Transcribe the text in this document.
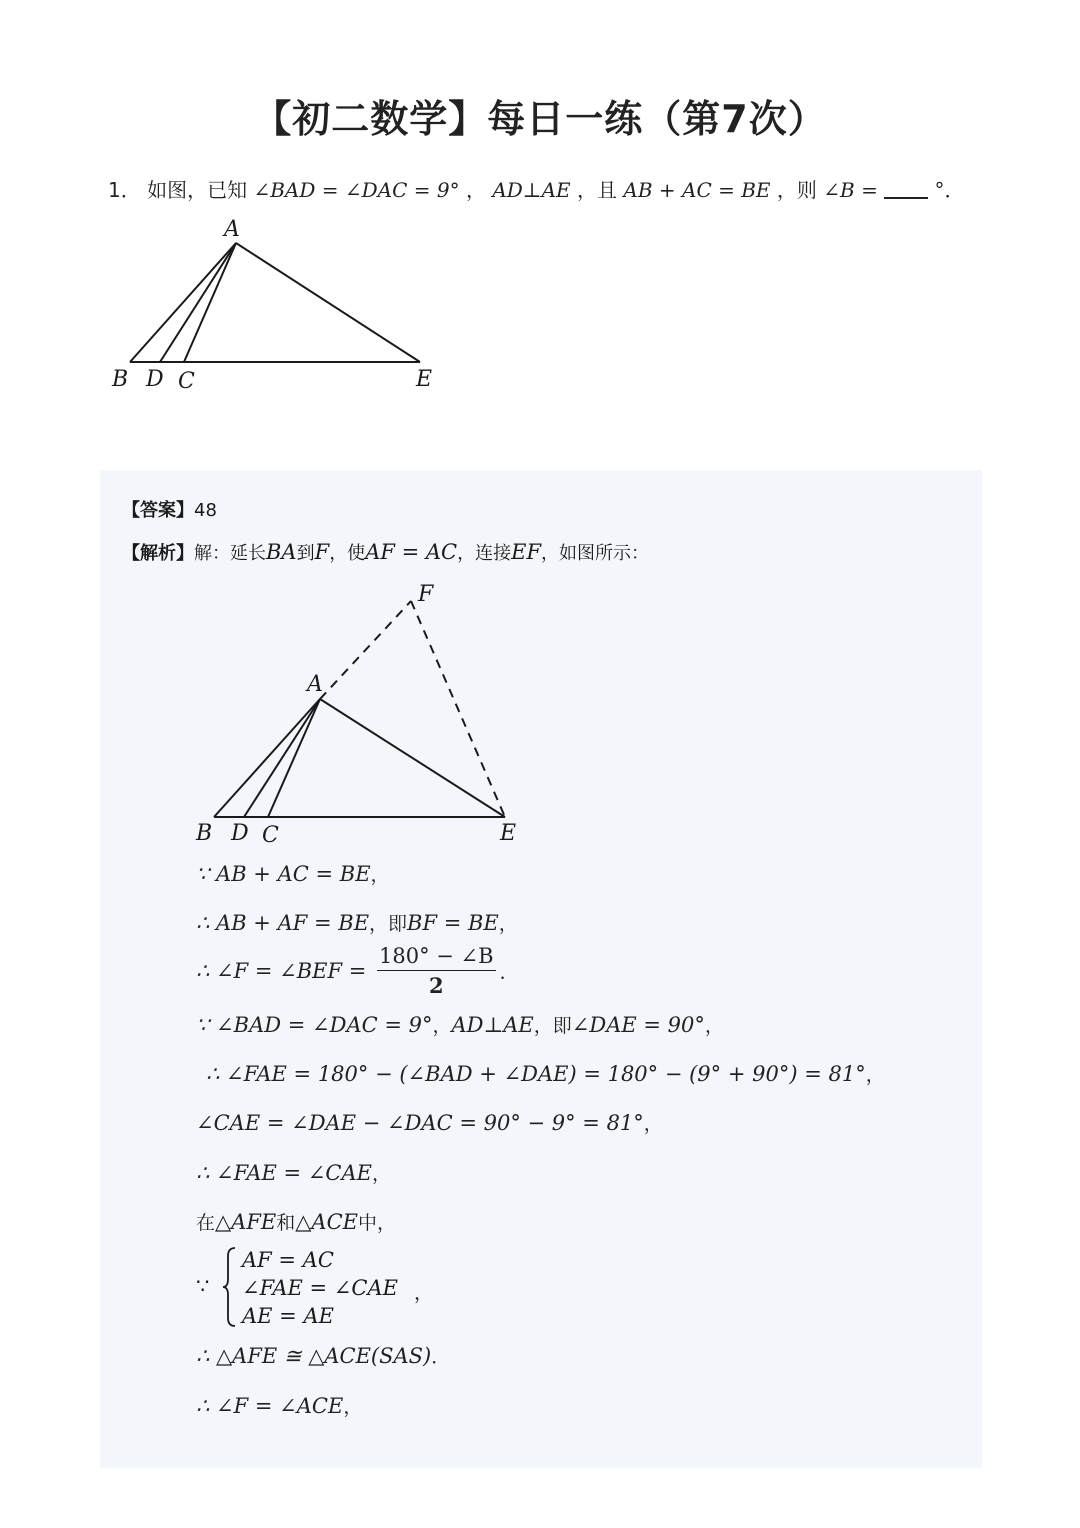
【初二数学】每日一练（第7次）
1． 如图，已知 ∠BAD = ∠DAC = 9° ， AD⊥AE ，且 AB + AC = BE ，则 ∠B =	°．
A
B D C	E
【答案】48
【解析】解：延长BA到F，使AF = AC，连接EF，如图所示：
F
A
B D C	E
∵ AB + AC = BE，
∴ AB + AF = BE，即BF = BE，
∴ ∠F = ∠BEF = $\frac{180^\circ - \angle B}{2}$ ．
∵ ∠BAD = ∠DAC = 9°，AD⊥AE，即∠DAE = 90°，
∴ ∠FAE = 180° − (∠BAD + ∠DAE) = 180° − (9° + 90°) = 81°，
∠CAE = ∠DAE − ∠DAC = 90° − 9° = 81°，
∴ ∠FAE = ∠CAE，
在△AFE和△ACE中，
∵
AF = AC
∠FAE = ∠CAE
AE = AE
，
∴ △AFE ≅ △ACE(SAS)．
∴ ∠F = ∠ACE，
